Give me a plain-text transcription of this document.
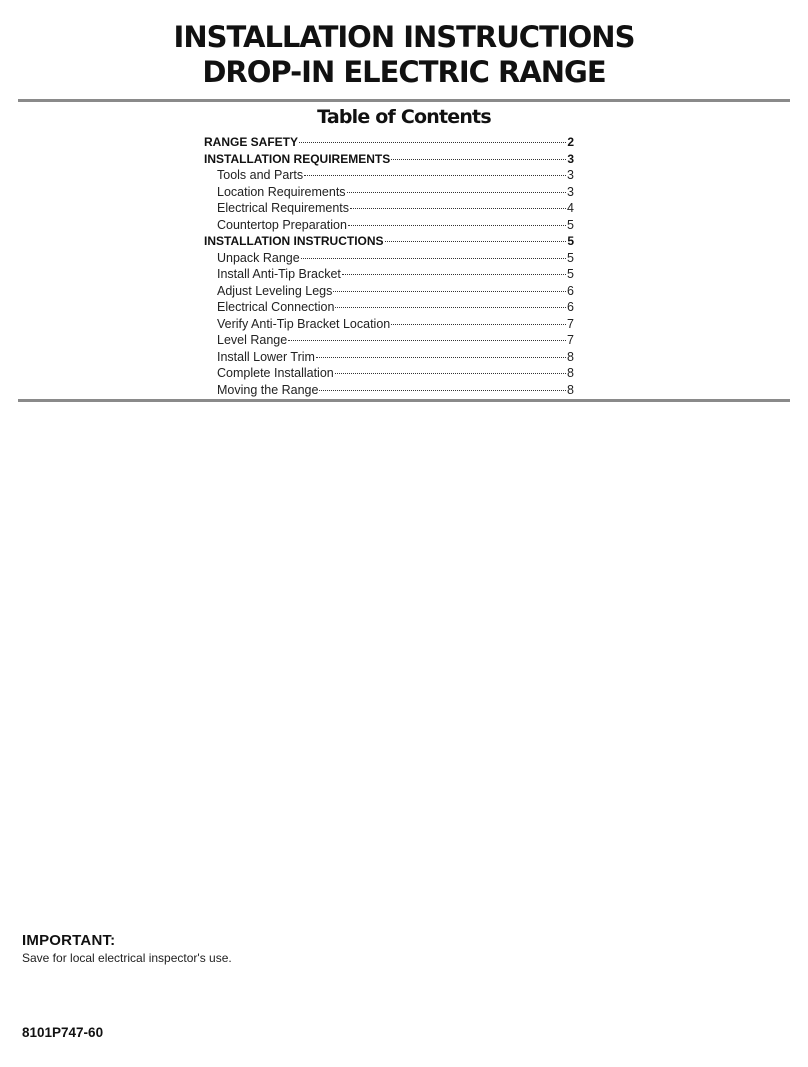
INSTALLATION INSTRUCTIONS
DROP-IN ELECTRIC RANGE
Table of Contents
RANGE SAFETY	2
INSTALLATION REQUIREMENTS	3
Tools and Parts	3
Location Requirements	3
Electrical Requirements	4
Countertop Preparation	5
INSTALLATION INSTRUCTIONS	5
Unpack Range	5
Install Anti-Tip Bracket	5
Adjust Leveling Legs	6
Electrical Connection	6
Verify Anti-Tip Bracket Location	7
Level Range	7
Install Lower Trim	8
Complete Installation	8
Moving the Range	8
IMPORTANT:
Save for local electrical inspector's use.
8101P747-60
